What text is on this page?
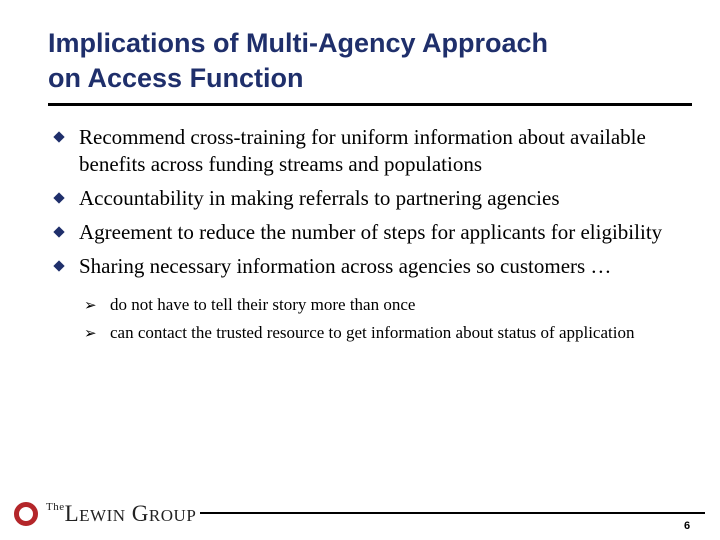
Implications of Multi-Agency Approach
on Access Function
Recommend cross-training for uniform information about available benefits across funding streams and populations
Accountability in making referrals to partnering agencies
Agreement to reduce the number of steps for applicants for eligibility
Sharing necessary information across agencies so customers …
➢ do not have to tell their story more than once
➢ can contact the trusted resource to get information about status of application
$^{The}$LEWIN GROUP
6
